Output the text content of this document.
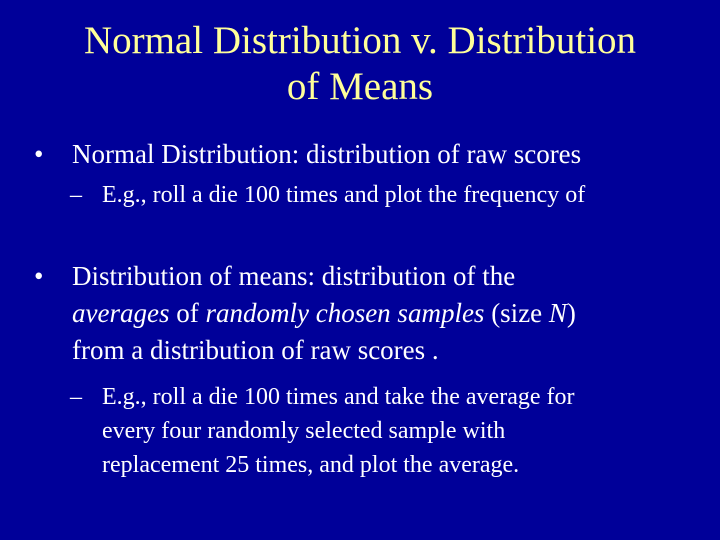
Normal Distribution v. Distribution
of Means
• Normal Distribution: distribution of raw scores
– E.g., roll a die 100 times and plot the frequency of
• Distribution of means: distribution of the
averages of randomly chosen samples (size N)
from a distribution of raw scores .
– E.g., roll a die 100 times and take the average for
every four randomly selected sample with
replacement 25 times, and plot the average.
